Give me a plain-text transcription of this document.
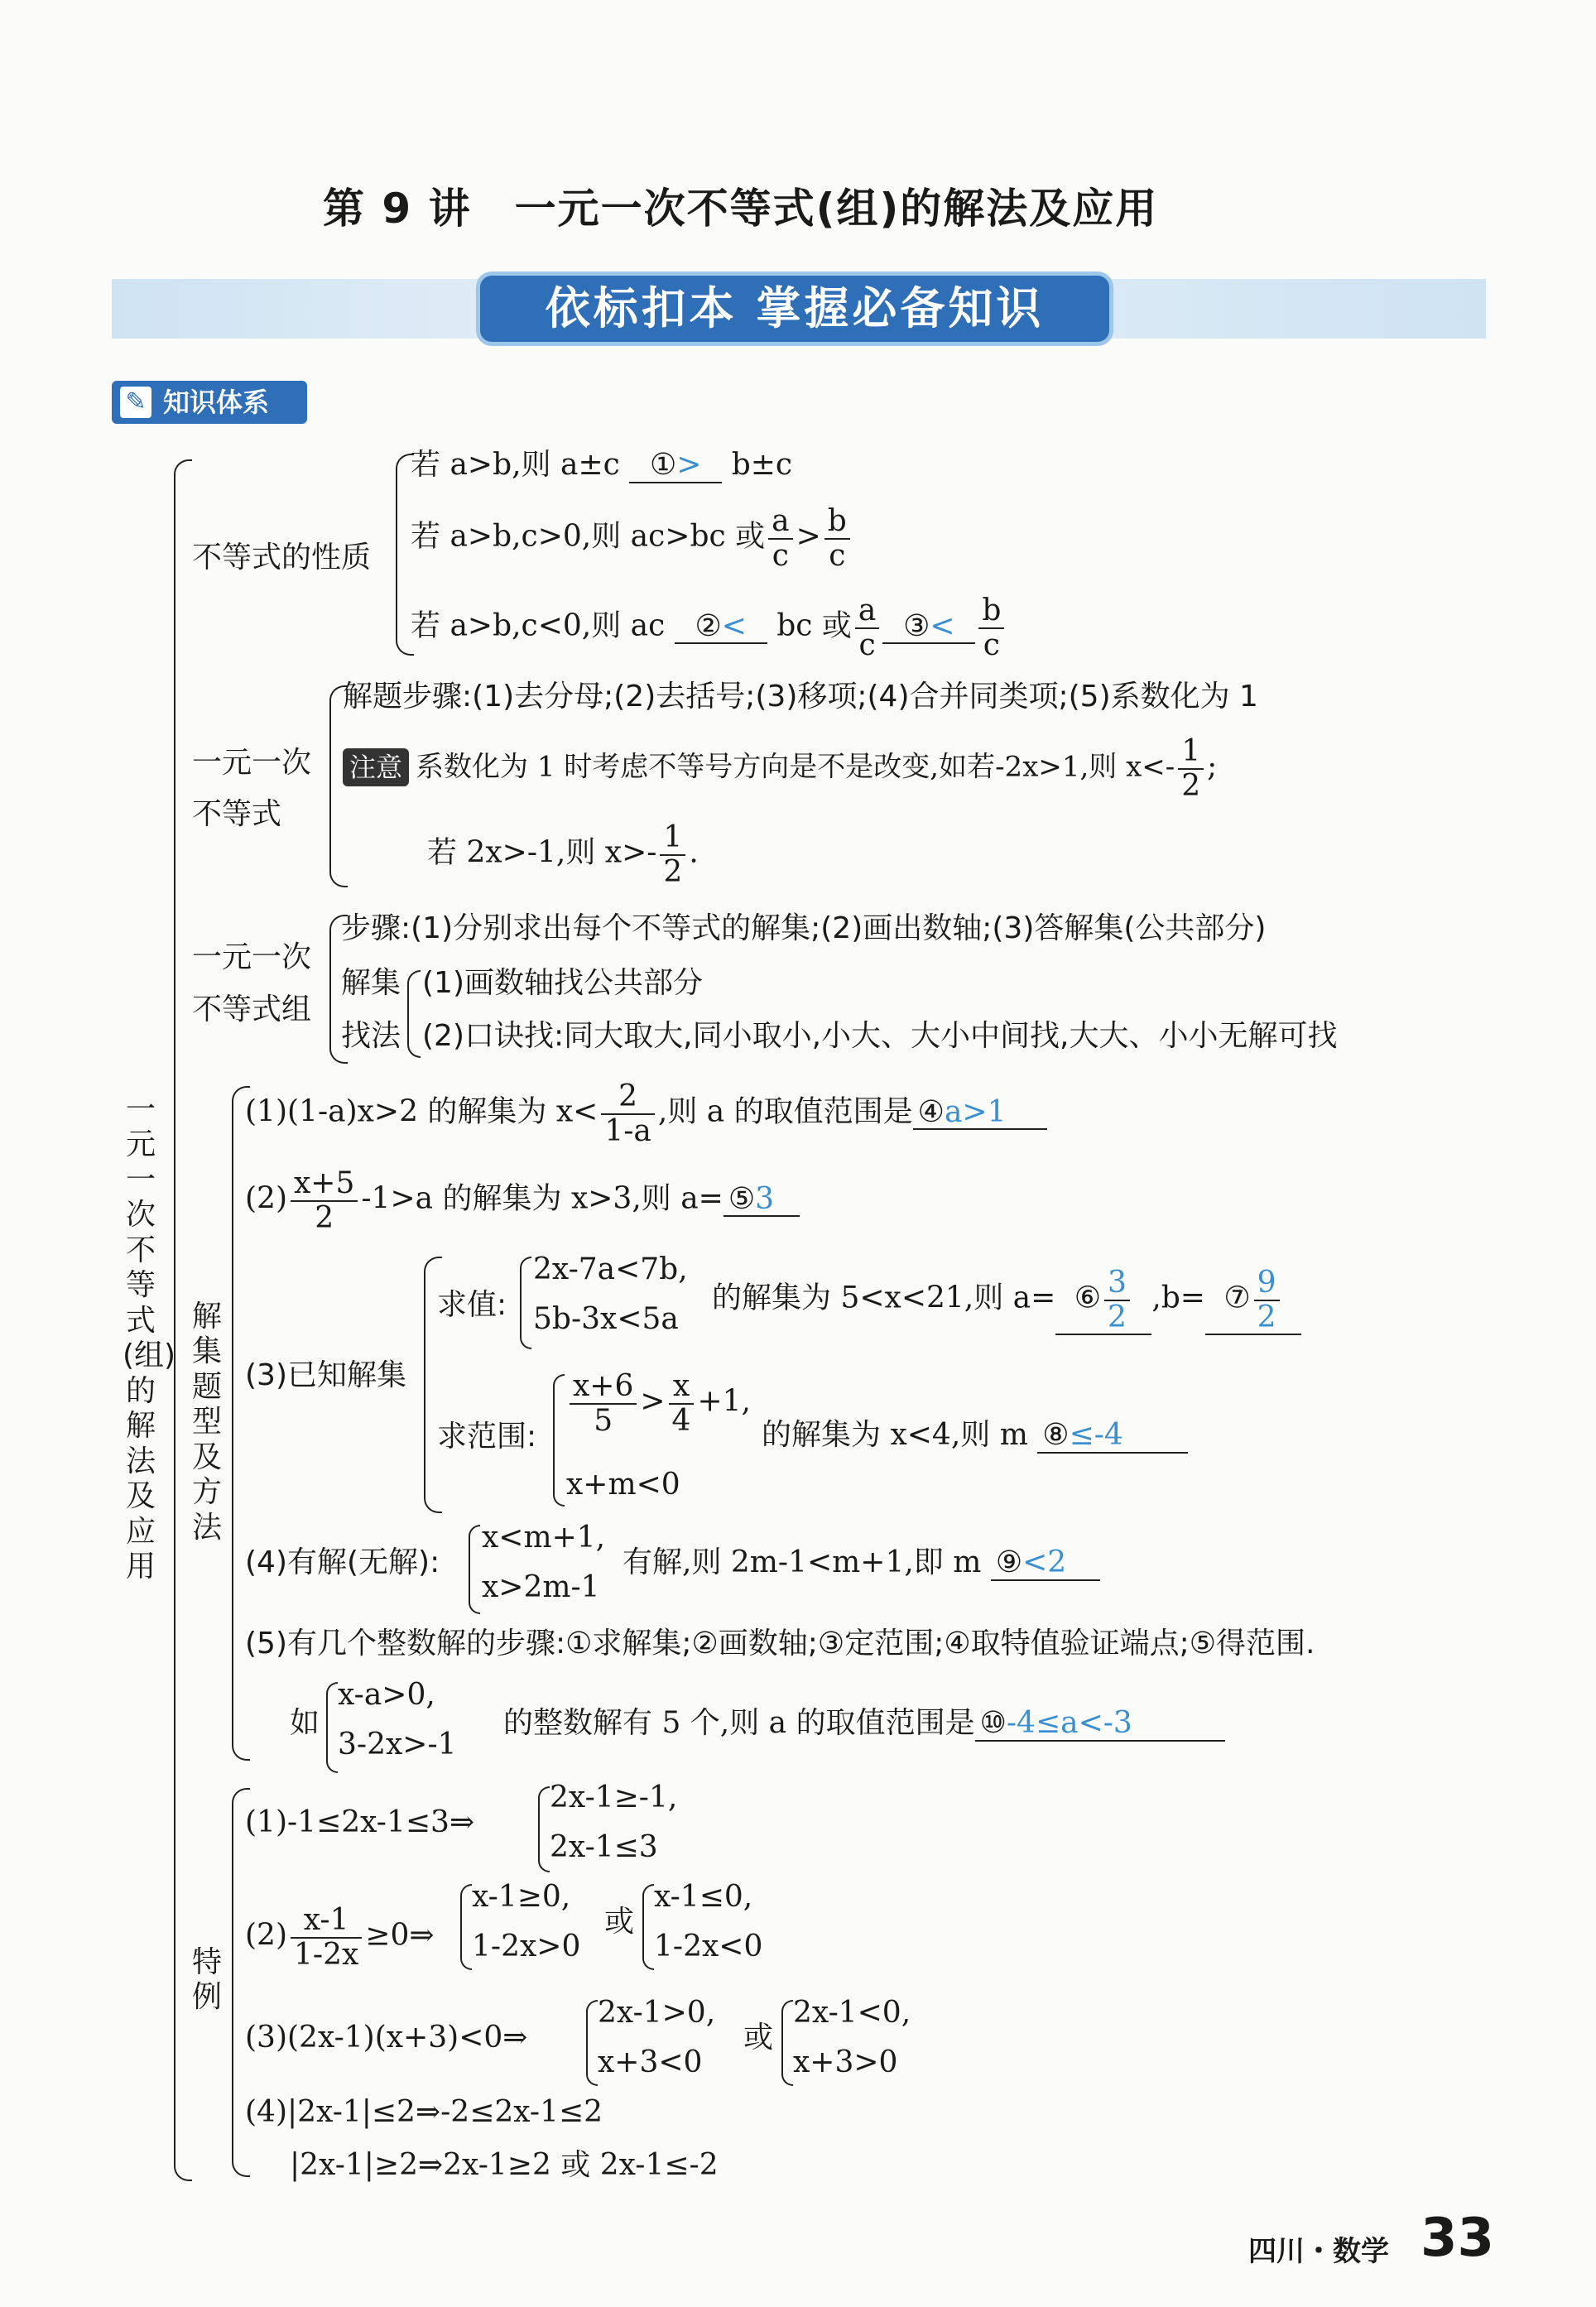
第 9 讲　一元一次不等式(组)的解法及应用
依标扣本 掌握必备知识
✎ 知识体系
一元一次不等式(组)的解法及应用
不等式的性质
若 a>b,则 a±c ①> b±c
若 a>b,c>0,则 ac>bc 或 $\frac{a}{c} > \frac{b}{c}$
若 a>b,c<0,则 ac ②< bc 或 $\frac{a}{c}$ ③< $\frac{b}{c}$
一元一次
不等式
解题步骤:(1)去分母;(2)去括号;(3)移项;(4)合并同类项;(5)系数化为 1
注意 系数化为 1 时考虑不等号方向是不是改变,如若-2x>1,则 $x<- \frac{1}{2}$ ;
若 2x>-1,则 $x>- \frac{1}{2}$ .
一元一次
不等式组
步骤:(1)分别求出每个不等式的解集;(2)画出数轴;(3)答解集(公共部分)
解集
找法
(1)画数轴找公共部分
(2)口诀找:同大取大,同小取小,小大、大小中间找,大大、小小无解可找
解集题型及方法
(1)(1-a)x>2 的解集为 $x< \frac{2}{1-a}$ ,则 a 的取值范围是 ④a>1
$(2) \frac{x+5}{2} -1>a$ 的解集为 x>3,则 a= ⑤3
(3)已知解集
求值:
2x-7a<7b,
5b-3x<5a
的解集为 5<x<21,则 a= ⑥ $\frac{3}{2} ,b=$ ⑦ $\frac{9}{2}$
求范围: $\frac{x+6}{5} > \frac{x}{4} +1$,
x+m<0
的解集为 x<4,则 m ⑧≤-4
(4)有解(无解):
x<m+1,
x>2m-1
有解,则 2m-1<m+1,即 m ⑨<2
(5)有几个整数解的步骤:①求解集;②画数轴;③定范围;④取特值验证端点;⑤得范围.
如
x-a>0,
3-2x>-1
的整数解有 5 个,则 a 的取值范围是 ⑩-4≤a<-3
特例
(1)-1≤2x-1≤3⇒
2x-1≥-1,
2x-1≤3
$(2) \frac{x-1}{1-2x}$ ≥0⇒
x-1≥0,
1-2x>0
或
x-1≤0,
1-2x<0
(3)(2x-1)(x+3)<0⇒
2x-1>0,
x+3<0
或
2x-1<0,
x+3>0
(4)|2x-1|≤2⇒-2≤2x-1≤2
|2x-1|≥2⇒2x-1≥2 或 2x-1≤-2
四川・数学 33
